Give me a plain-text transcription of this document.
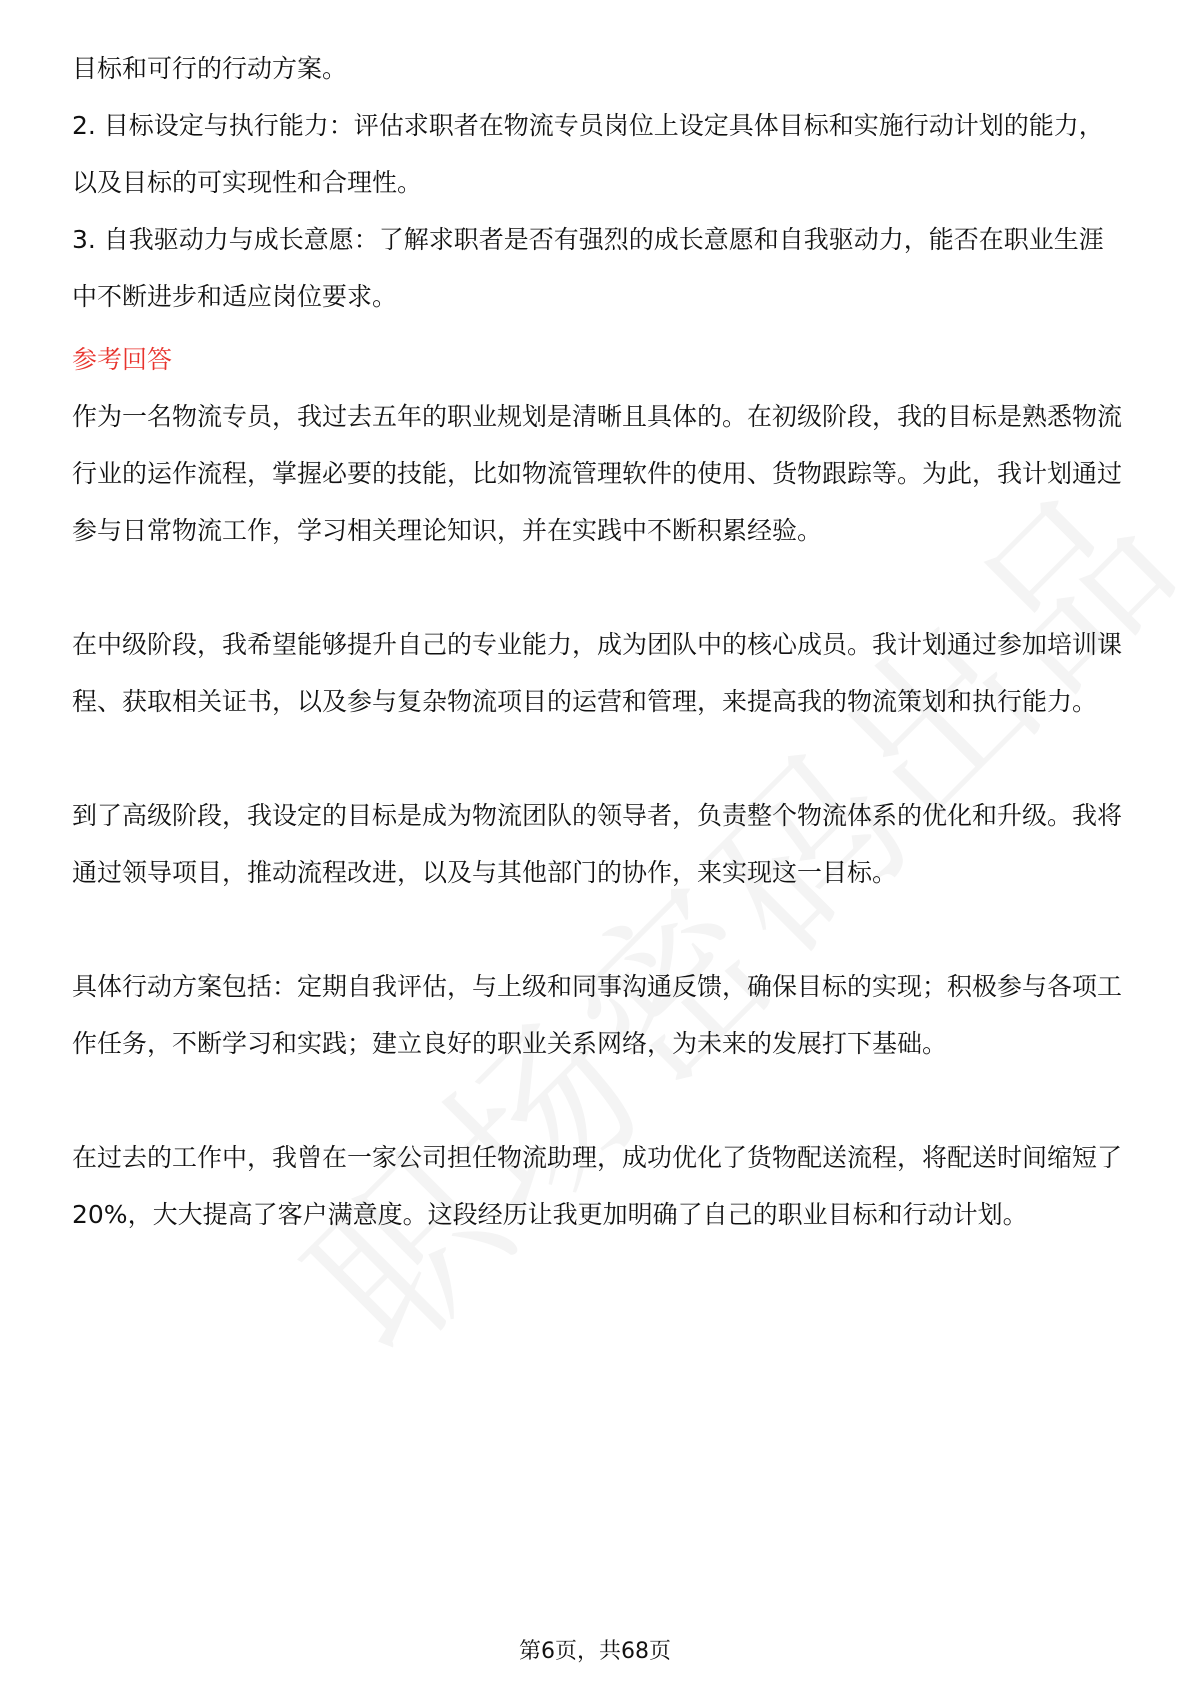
目标和可行的行动方案。

2. 目标设定与执行能力：评估求职者在物流专员岗位上设定具体目标和实施行动计划的能力，以及目标的可实现性和合理性。

3. 自我驱动力与成长意愿：了解求职者是否有强烈的成长意愿和自我驱动力，能否在职业生涯中不断进步和适应岗位要求。

参考回答

作为一名物流专员，我过去五年的职业规划是清晰且具体的。在初级阶段，我的目标是熟悉物流行业的运作流程，掌握必要的技能，比如物流管理软件的使用、货物跟踪等。为此，我计划通过参与日常物流工作，学习相关理论知识，并在实践中不断积累经验。

在中级阶段，我希望能够提升自己的专业能力，成为团队中的核心成员。我计划通过参加培训课程、获取相关证书，以及参与复杂物流项目的运营和管理，来提高我的物流策划和执行能力。

到了高级阶段，我设定的目标是成为物流团队的领导者，负责整个物流体系的优化和升级。我将通过领导项目，推动流程改进，以及与其他部门的协作，来实现这一目标。

具体行动方案包括：定期自我评估，与上级和同事沟通反馈，确保目标的实现；积极参与各项工作任务，不断学习和实践；建立良好的职业关系网络，为未来的发展打下基础。

在过去的工作中，我曾在一家公司担任物流助理，成功优化了货物配送流程，将配送时间缩短了20%，大大提高了客户满意度。这段经历让我更加明确了自己的职业目标和行动计划。

第6页，共68页
